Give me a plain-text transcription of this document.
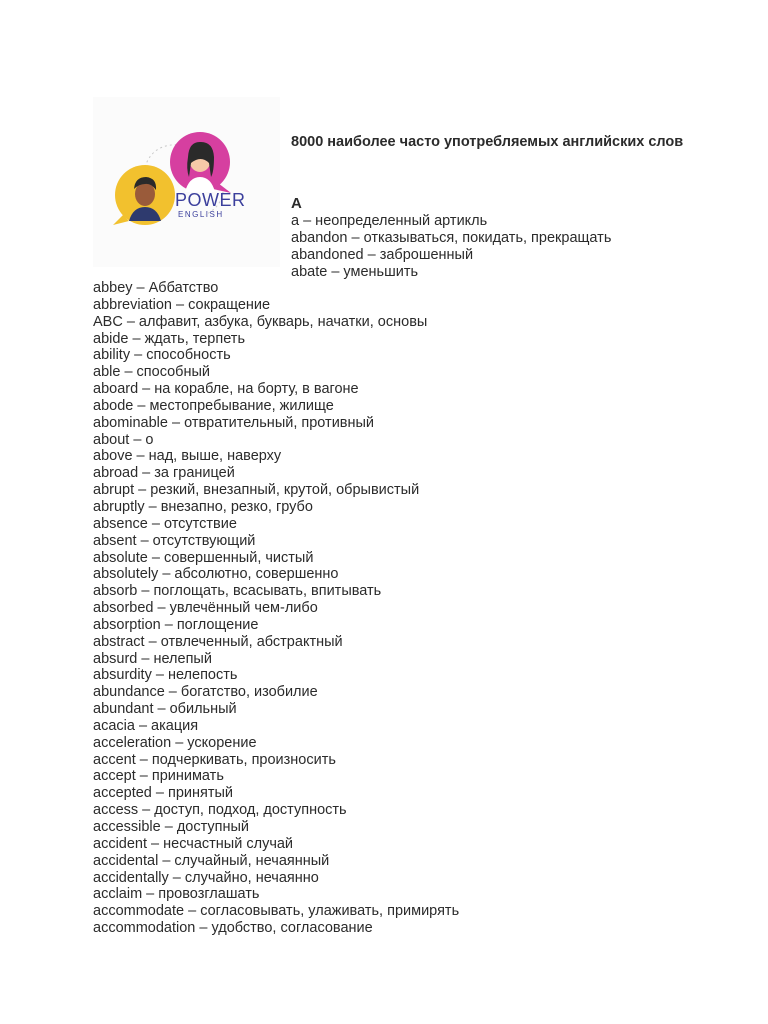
POWER
ENGLISH
8000 наиболее часто употребляемых английских слов
A
a – неопределенный артикль
abandon – отказываться, покидать, прекращать
abandoned – заброшенный
abate – уменьшить
abbey – Аббатство
abbreviation – сокращение
ABC – алфавит, азбука, букварь, начатки, основы
abide – ждать, терпеть
ability – способность
able – способный
aboard – на корабле, на борту, в вагоне
abode – местопребывание, жилище
abominable – отвратительный, противный
about – о
above – над, выше, наверху
abroad – за границей
abrupt – резкий, внезапный, крутой, обрывистый
abruptly – внезапно, резко, грубо
absence – отсутствие
absent – отсутствующий
absolute – совершенный, чистый
absolutely – абсолютно, совершенно
absorb – поглощать, всасывать, впитывать
absorbed – увлечённый чем-либо
absorption – поглощение
abstract – отвлеченный, абстрактный
absurd – нелепый
absurdity – нелепость
abundance – богатство, изобилие
abundant – обильный
acacia – акация
acceleration – ускорение
accent – подчеркивать, произносить
accept – принимать
accepted – принятый
access – доступ, подход, доступность
accessible – доступный
accident – несчастный случай
accidental – случайный, нечаянный
accidentally – случайно, нечаянно
acclaim – провозглашать
accommodate – согласовывать, улаживать, примирять
accommodation – удобство, согласование
